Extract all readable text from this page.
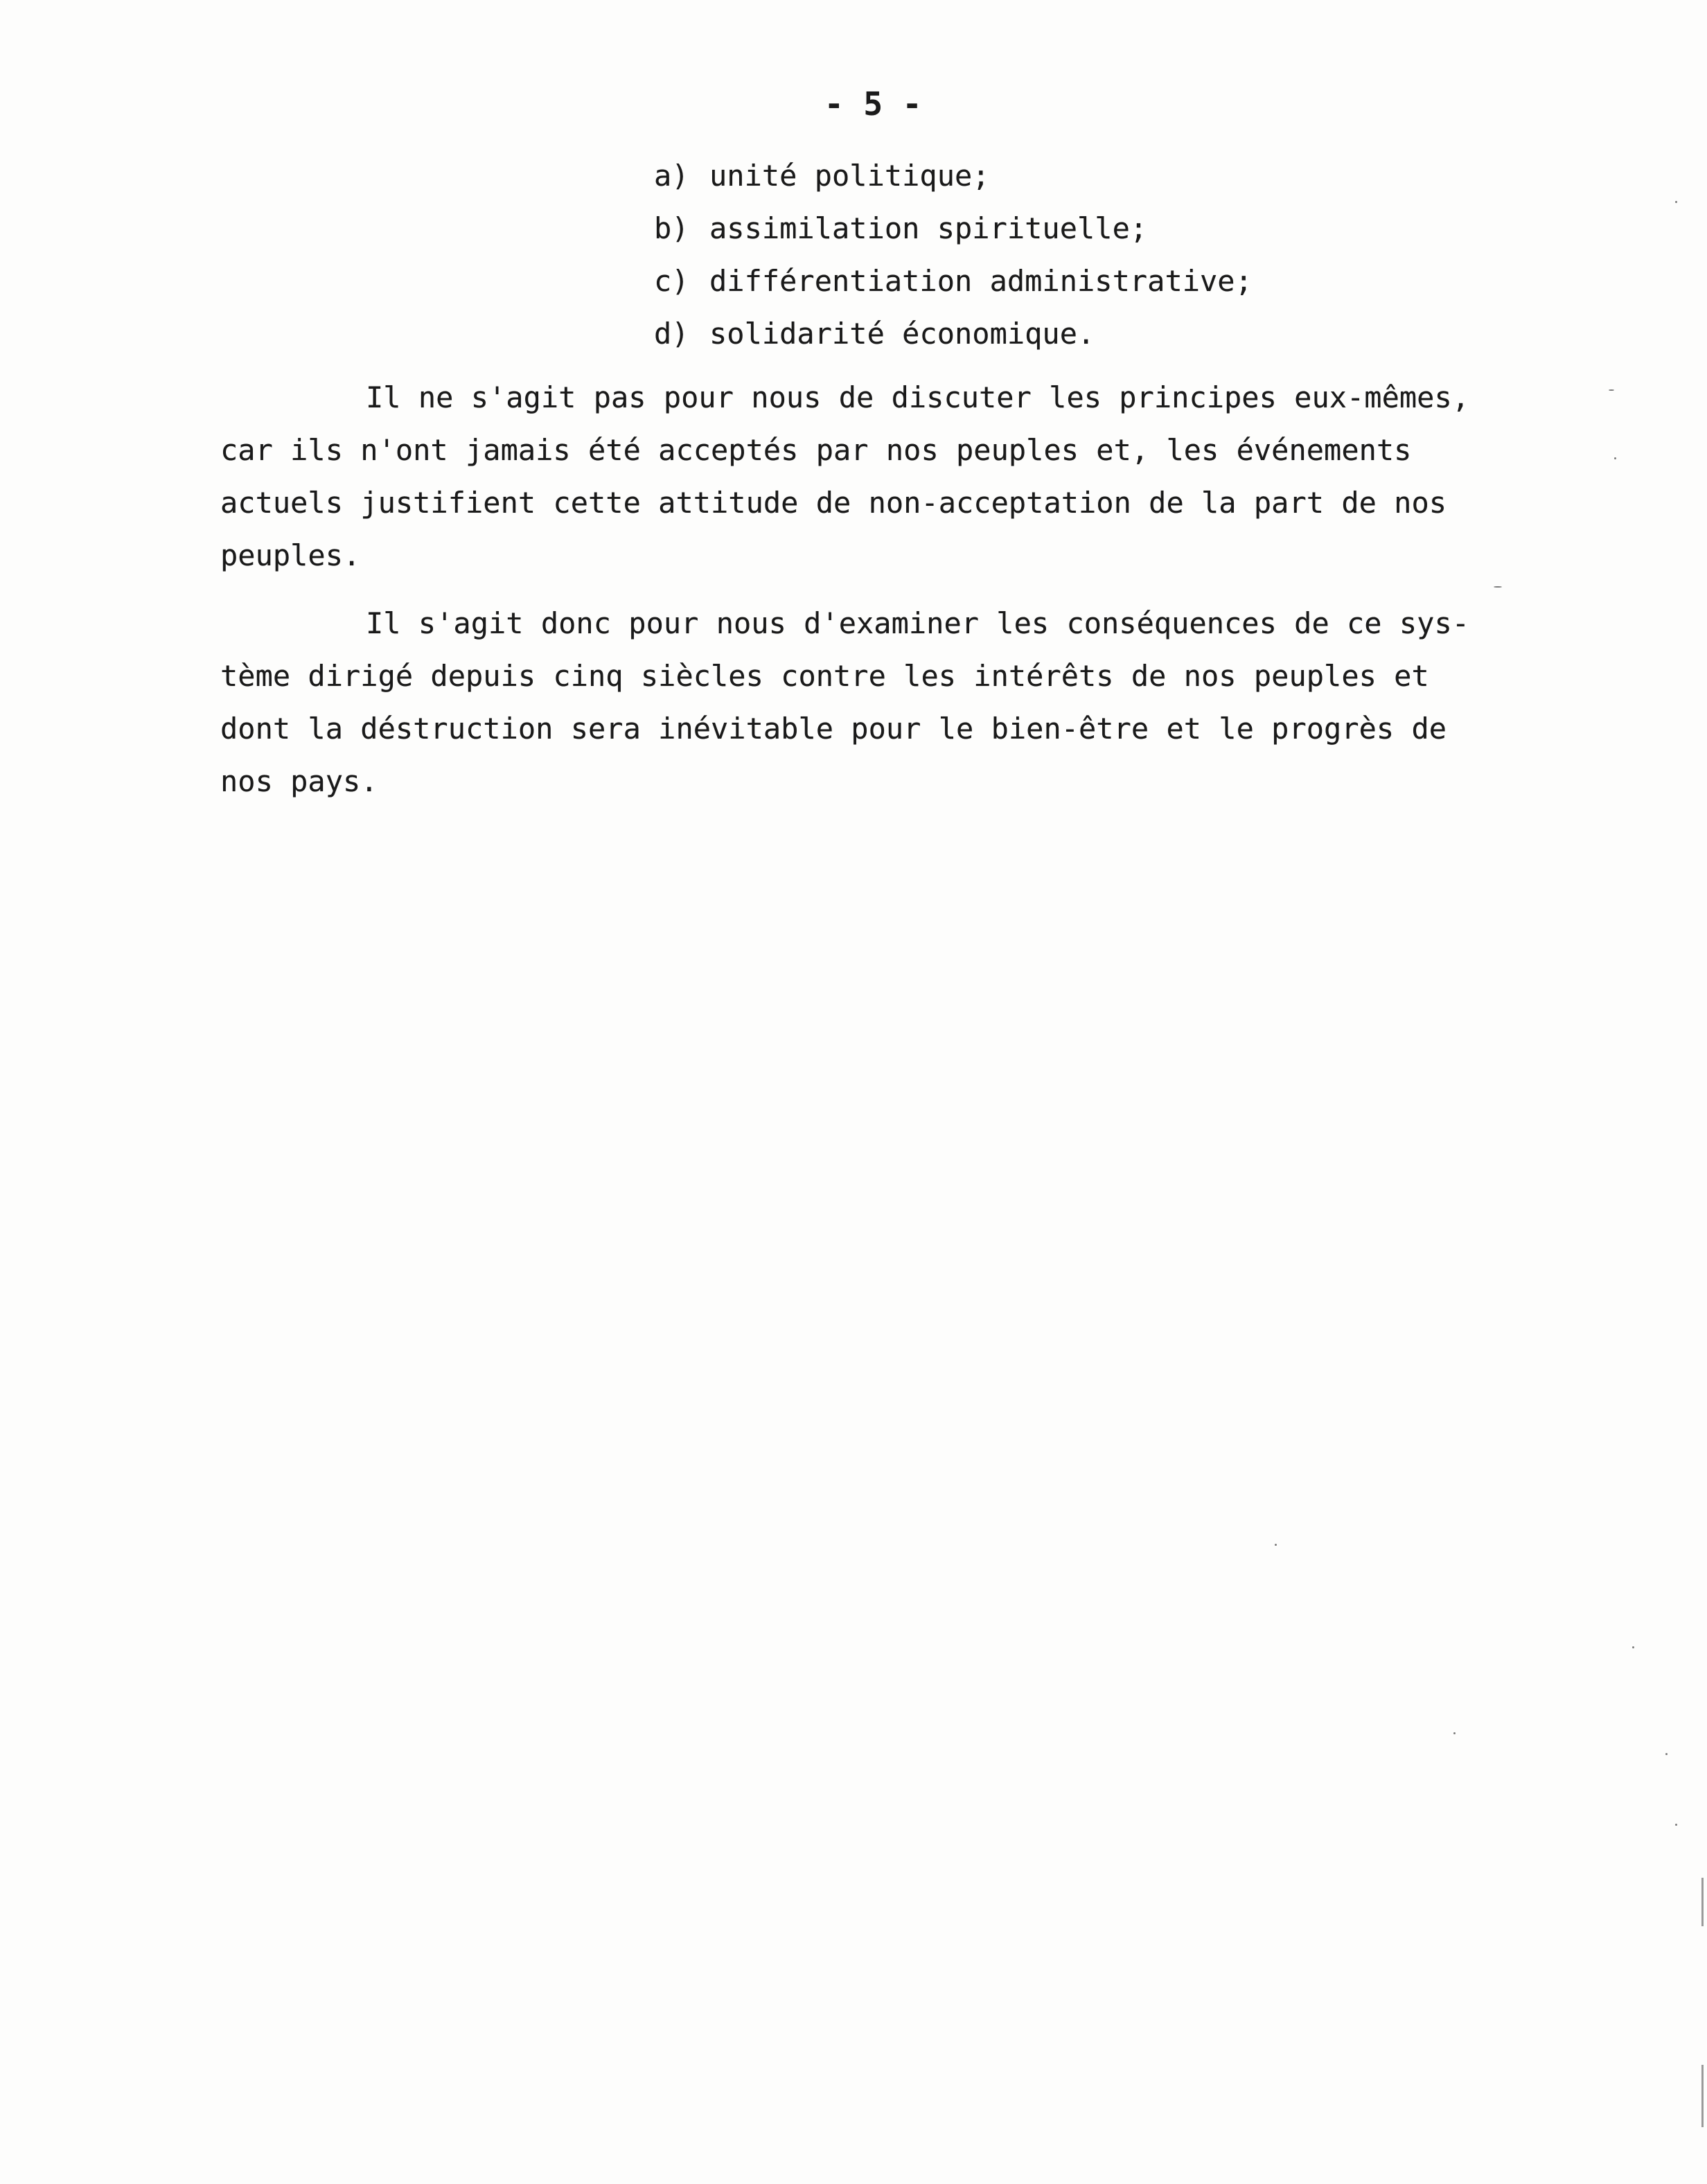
- 5 -
a) unité politique;
b) assimilation spirituelle;
c) différentiation administrative;
d) solidarité économique.
Il ne s'agit pas pour nous de discuter les principes eux-mêmes,
car ils n'ont jamais été acceptés par nos peuples et, les événements
actuels justifient cette attitude de non-acceptation de la part de nos
peuples.
Il s'agit donc pour nous d'examiner les conséquences de ce sys-
tème dirigé depuis cinq siècles contre les intérêts de nos peuples et
dont la déstruction sera inévitable pour le bien-être et le progrès de
nos pays.
